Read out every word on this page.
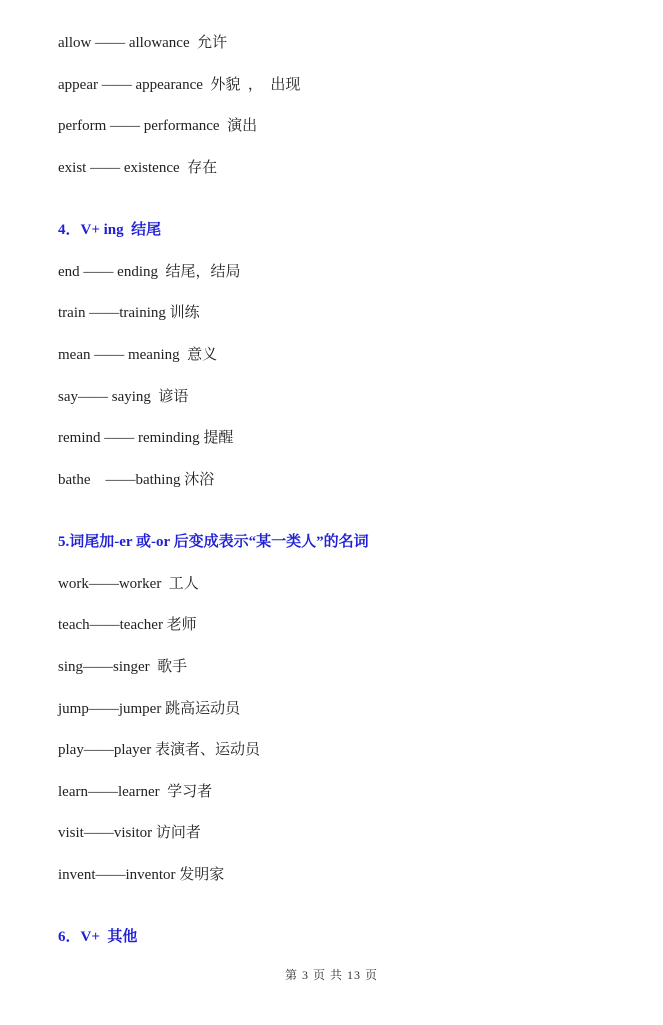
allow —— allowance  允许
appear —— appearance  外貌  ，  出现
perform —— performance  演出
exist —— existence  存在
4．V+ ing  结尾
end —— ending  结尾，结局
train ——training 训练
mean —— meaning  意义
say—— saying  谚语
remind —— reminding 提醒
bathe    ——bathing 沐浴
5.词尾加-er 或-or 后变成表示“某一类人”的名词
work——worker  工人
teach——teacher 老师
sing——singer  歌手
jump——jumper 跳高运动员
play——player 表演者、运动员
learn——learner  学习者
visit——visitor 访问者
invent——inventor 发明家
6．V+  其他
第 3 页 共 13 页
